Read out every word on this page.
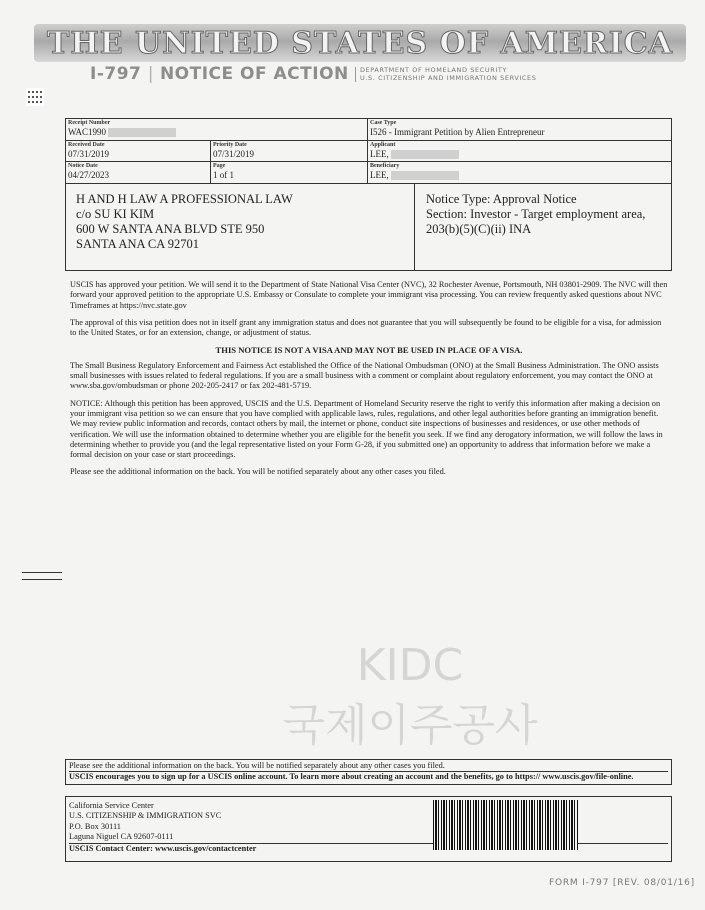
THE UNITED STATES OF AMERICA
I-797 | NOTICE OF ACTION DEPARTMENT OF HOMELAND SECURITY
U.S. CITIZENSHIP AND IMMIGRATION SERVICES
KIDC
국제이주공사
Receipt Number
WAC1990
Case Type
I526 - Immigrant Petition by Alien Entrepreneur
Received Date
07/31/2019
Priority Date
07/31/2019
Applicant
LEE,
Notice Date
04/27/2023
Page
1 of 1
Beneficiary
LEE,
H AND H LAW A PROFESSIONAL LAW
c/o SU KI KIM
600 W SANTA ANA BLVD STE 950
SANTA ANA CA 92701
Notice Type: Approval Notice
Section: Investor - Target employment area,
203(b)(5)(C)(ii) INA

USCIS has approved your petition. We will send it to the Department of State National Visa Center (NVC), 32 Rochester Avenue, Portsmouth, NH 03801-2909. The NVC will then forward your approved petition to the appropriate U.S. Embassy or Consulate to complete your immigrant visa processing. You can review frequently asked questions about NVC Timeframes at https://nvc.state.gov

The approval of this visa petition does not in itself grant any immigration status and does not guarantee that you will subsequently be found to be eligible for a visa, for admission to the United States, or for an extension, change, or adjustment of status.

THIS NOTICE IS NOT A VISA AND MAY NOT BE USED IN PLACE OF A VISA.

The Small Business Regulatory Enforcement and Fairness Act established the Office of the National Ombudsman (ONO) at the Small Business Administration. The ONO assists small businesses with issues related to federal regulations. If you are a small business with a comment or complaint about regulatory enforcement, you may contact the ONO at www.sba.gov/ombudsman or phone 202-205-2417 or fax 202-481-5719.

NOTICE: Although this petition has been approved, USCIS and the U.S. Department of Homeland Security reserve the right to verify this information after making a decision on your immigrant visa petition so we can ensure that you have complied with applicable laws, rules, regulations, and other legal authorities before granting an immigration benefit. We may review public information and records, contact others by mail, the internet or phone, conduct site inspections of businesses and residences, or use other methods of verification. We will use the information obtained to determine whether you are eligible for the benefit you seek. If we find any derogatory information, we will follow the laws in determining whether to provide you (and the legal representative listed on your Form G-28, if you submitted one) an opportunity to address that information before we make a formal decision on your case or start proceedings.

Please see the additional information on the back. You will be notified separately about any other cases you filed.

Please see the additional information on the back. You will be notified separately about any other cases you filed.
USCIS encourages you to sign up for a USCIS online account. To learn more about creating an account and the benefits, go to https:// www.uscis.gov/file-online.
California Service Center
U.S. CITIZENSHIP & IMMIGRATION SVC
P.O. Box 30111
Laguna Niguel CA 92607-0111
USCIS Contact Center: www.uscis.gov/contactcenter
FORM I-797 [REV. 08/01/16]
